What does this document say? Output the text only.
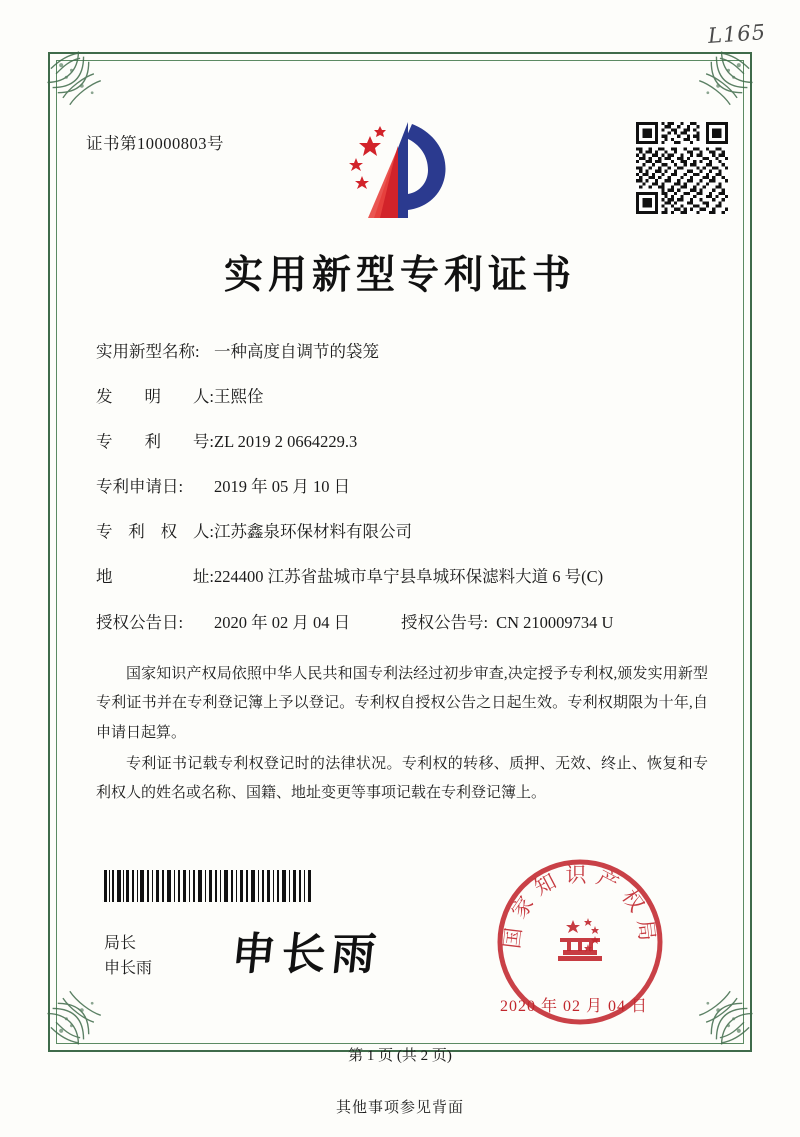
L165
证书第10000803号
实用新型专利证书
实用新型名称: 一种高度自调节的袋笼
发 明 人: 王熙佺
专 利 号: ZL 2019 2 0664229.3
专利申请日:	2019 年 05 月 10 日
专 利 权 人: 江苏鑫泉环保材料有限公司
地	址: 224400 江苏省盐城市阜宁县阜城环保滤料大道 6 号(C)
授权公告日:	2020 年 02 月 04 日	授权公告号: CN 210009734 U

国家知识产权局依照中华人民共和国专利法经过初步审查,决定授予专利权,颁发实用新型专利证书并在专利登记簿上予以登记。专利权自授权公告之日起生效。专利权期限为十年,自申请日起算。

专利证书记载专利权登记时的法律状况。专利权的转移、质押、无效、终止、恢复和专利权人的姓名或名称、国籍、地址变更等事项记载在专利登记簿上。

局长
申长雨 申长雨	国家知识产权局
2020 年 02 月 04 日
第 1 页 (共 2 页)
其他事项参见背面
